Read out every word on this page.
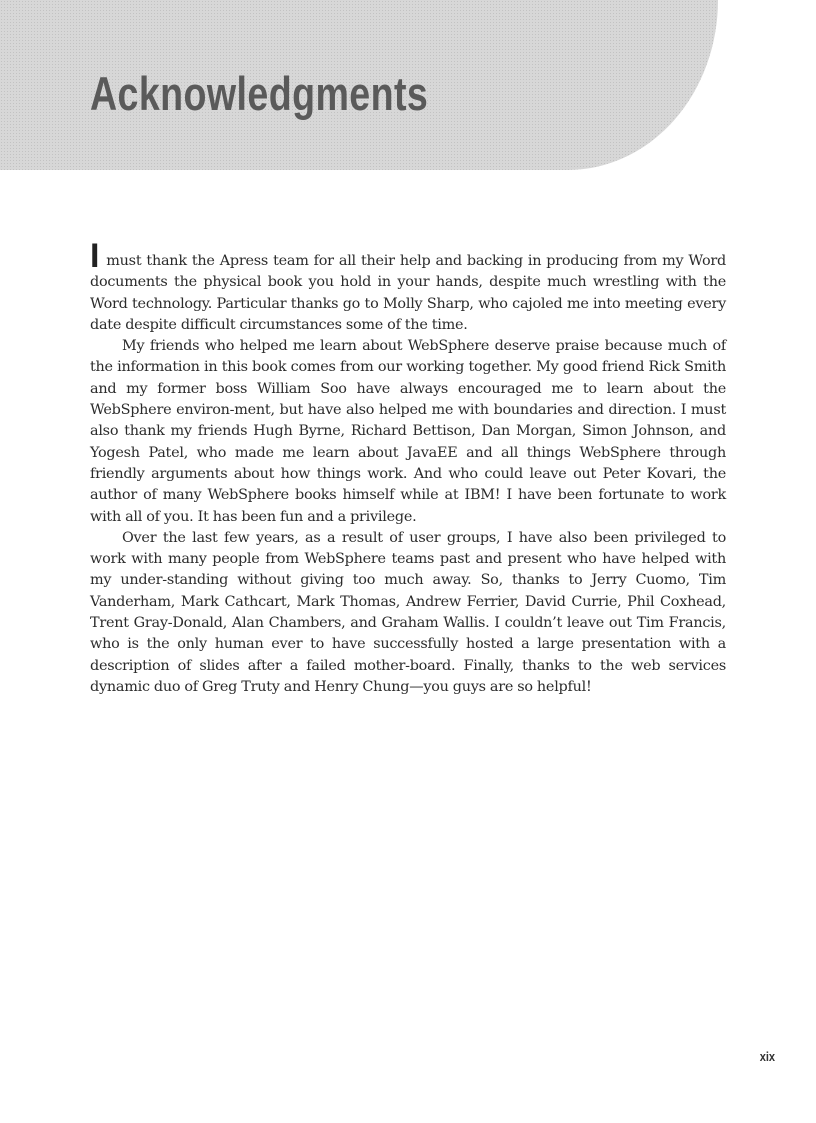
Acknowledgments

I must thank the Apress team for all their help and backing in producing from my Word documents the physical book you hold in your hands, despite much wrestling with the Word technology. Particular thanks go to Molly Sharp, who cajoled me into meeting every date despite difficult circumstances some of the time.

My friends who helped me learn about WebSphere deserve praise because much of the information in this book comes from our working together. My good friend Rick Smith and my former boss William Soo have always encouraged me to learn about the WebSphere environ-ment, but have also helped me with boundaries and direction. I must also thank my friends Hugh Byrne, Richard Bettison, Dan Morgan, Simon Johnson, and Yogesh Patel, who made me learn about JavaEE and all things WebSphere through friendly arguments about how things work. And who could leave out Peter Kovari, the author of many WebSphere books himself while at IBM! I have been fortunate to work with all of you. It has been fun and a privilege.

Over the last few years, as a result of user groups, I have also been privileged to work with many people from WebSphere teams past and present who have helped with my under-standing without giving too much away. So, thanks to Jerry Cuomo, Tim Vanderham, Mark Cathcart, Mark Thomas, Andrew Ferrier, David Currie, Phil Coxhead, Trent Gray-Donald, Alan Chambers, and Graham Wallis. I couldn’t leave out Tim Francis, who is the only human ever to have successfully hosted a large presentation with a description of slides after a failed mother-board. Finally, thanks to the web services dynamic duo of Greg Truty and Henry Chung—you guys are so helpful!

xix
